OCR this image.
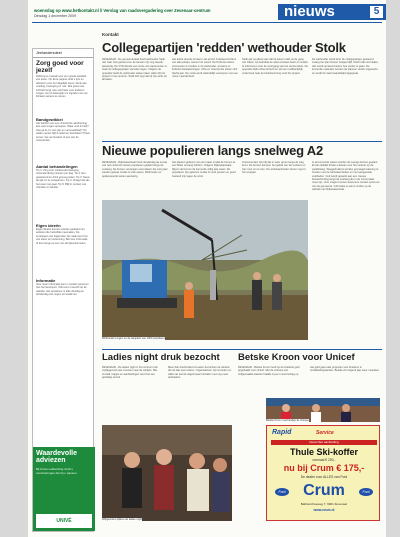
woensdag op www.hetkontakt.nl // Verslag van raadsvergadering over Zevenaar-centrum
Dinsdag 1 december 2009	nieuws	5
Kontakt
Jeelandersdeel
Zorg goed voor jezelf
Zelfzorg is cruciaal voor een goede kwaliteit van leven. Op deze pagina vindt u tips en adviezen voor het dagelijks leven. Denk aan voeding, beweging en rust. Wie goed voor zichzelf zorgt, kan ook beter voor anderen zorgen. Het is belangrijk om signalen van uw lichaam serieus te nemen.
Bandgewikkel
Het hebben van een chronische aandoening kan veel vragen oproepen. Waar vind ik hulp? Hoe ga ik om met pijn en vermoeidheid? Op welke manier blijf ik actief en betrokken? Praat erover met uw huisarts of een van de consulenten.
Aantal behandelingen
Tip 1: Zorg voor voldoende beweging, minimaal dertig minuten per dag. Tip 2: Eet gevarieerd en drink genoeg water. Tip 3: Neem de tijd om te ontspannen. Tip 4: Vraag hulp als het even niet gaat. Tip 5: Blijf in contact met vrienden en familie.
Eigen ideeën
Eigen ideeën kunnen worden gedeeld met anderen die hetzelfde meemaken. De ervaringen van lotgenoten zijn vaak een bron van steun en herkenning. Bel voor informatie of kom langs op een van de bijeenkomsten.
Informatie
Voor meer informatie kunt u contact opnemen met het steunpunt. Ook kunt u terecht op de website. Het spreekuur is elke dinsdag en donderdag van negen tot twaalf uur.
Waardevolle adviezen
Bij Unive Lekkerding vindt u verzekeringen die bij u passen.
UNIVÉ
Collegepartijen 'redden' wethouder Stolk
ZEVENAAR - De gemeenteraad heeft wethouder Stolk niet naar huis gestuurd en de kansen zijn nog steeds aanwezig. De VVD diende een motie van wantrouwen in, maar de collegepartijen stemden tegen. Volgens de oppositie heeft de wethouder steken laten vallen bij het project in het centrum. Stolk zelf zegt dat hij zijn werk wil afmaken.
Het debat duurde tot laat in de avond. Fractievoorzitters van alle partijen namen het woord. De PvdA liet weten vertrouwen te houden in de wethouder, al waren er kritische kanttekeningen. CDA en GroenLinks sloten zich hierbij aan. De motie werd uiteindelijk verworpen met een ruime meerderheid.
Stolk gaf na afloop aan dat hij lessen trekt uit de gang van zaken. Hij beloofde de raad voortaan beter en sneller te informeren over de voortgang van het centrumplan. De oppositie blijft echter kritisch en wil een onafhankelijk onderzoek naar de besluitvorming rond het project.
De wethouder wordt door de collegepartijen gesteund zolang het plan binnen budget blijft. Mocht dat niet lukken, dan wordt opnieuw bezien hoe verder te gaan. De komende maanden worden de plannen verder uitgewerkt en wordt de raad maandelijks bijgepraat.
Nieuwe populieren langs snelweg A2
ZEVENAAR - Rijkswaterstaat heeft donderdag de eerste van ruim duizend nieuwe populieren geplant langs de snelweg. De bomen vervangen exemplaren die vorig jaar werden gekapt omdat ze ziek waren. Wethouder en gedeputeerde waren aanwezig.
Het planten gebeurt met een kraan omdat de bomen al een flinke omvang hebben. Volgens Rijkswaterstaat blijven de bomen de komende vijftig jaar staan. De populieren zijn gekozen omdat ze snel groeien en goed bestand zijn tegen de wind.
Omwonenden zijn blij dat er weer groen langs de weg komt. De bomen dempen het geluid van het verkeer en zijn mooi om te zien. De werkzaamheden duren nog tot het voorjaar.
In de komende weken worden de overige bomen geplant. Er kan tijdelijk hinder ontstaan voor het verkeer op de parallelweg. Weggebruikers worden gevraagd rekening te houden met de werkzaamheden en met aangepaste snelheden. Ook wordt gewerkt aan een nieuwe fietsverbinding langs de snelweg die in de zomer klaar moet zijn. Voor vragen kunnen bewoners contact opnemen met de gemeente. Informatie is ook te vinden op de website van Rijkswaterstaat.
Wethouder Lingen en de aanplant van 1000 populieren
Ladies night druk bezocht
ZEVENAAR - De ladies night in het centrum trok vrijdagavond veel vrouwen naar de winkels. Met muziek, hapjes en aanbiedingen werd het een gezellige avond.
Meer dan driehonderd vrouwen bezochten de winkels die tot laat open waren. Organisatoren zijn tevreden en willen de avond volgend jaar herhalen met nog meer activiteiten.
Wijkgenoten tijdens de ladies night
Betske Kroon voor Unicef
ZEVENAAR - Betske Kroon heeft op de braderie geld opgehaald voor Unicef. Met de verkoop van zelfgemaakte kaarten haalde zij een mooi bedrag op.
Het geld gaat naar projecten voor kinderen in ontwikkelingslanden. Betske wil volgend jaar weer meedoen.
Betske Kroon overhandigt de cheque
Rapid	Service
December aanbieding
Thule Ski-koffer
normaal € 250,-
nu bij Crum € 175,-
De dealer voor ALLES van Ford
Ford	Crum	Ford
Babberichseweg 7, 6901 Zevenaar
www.crum.nl
